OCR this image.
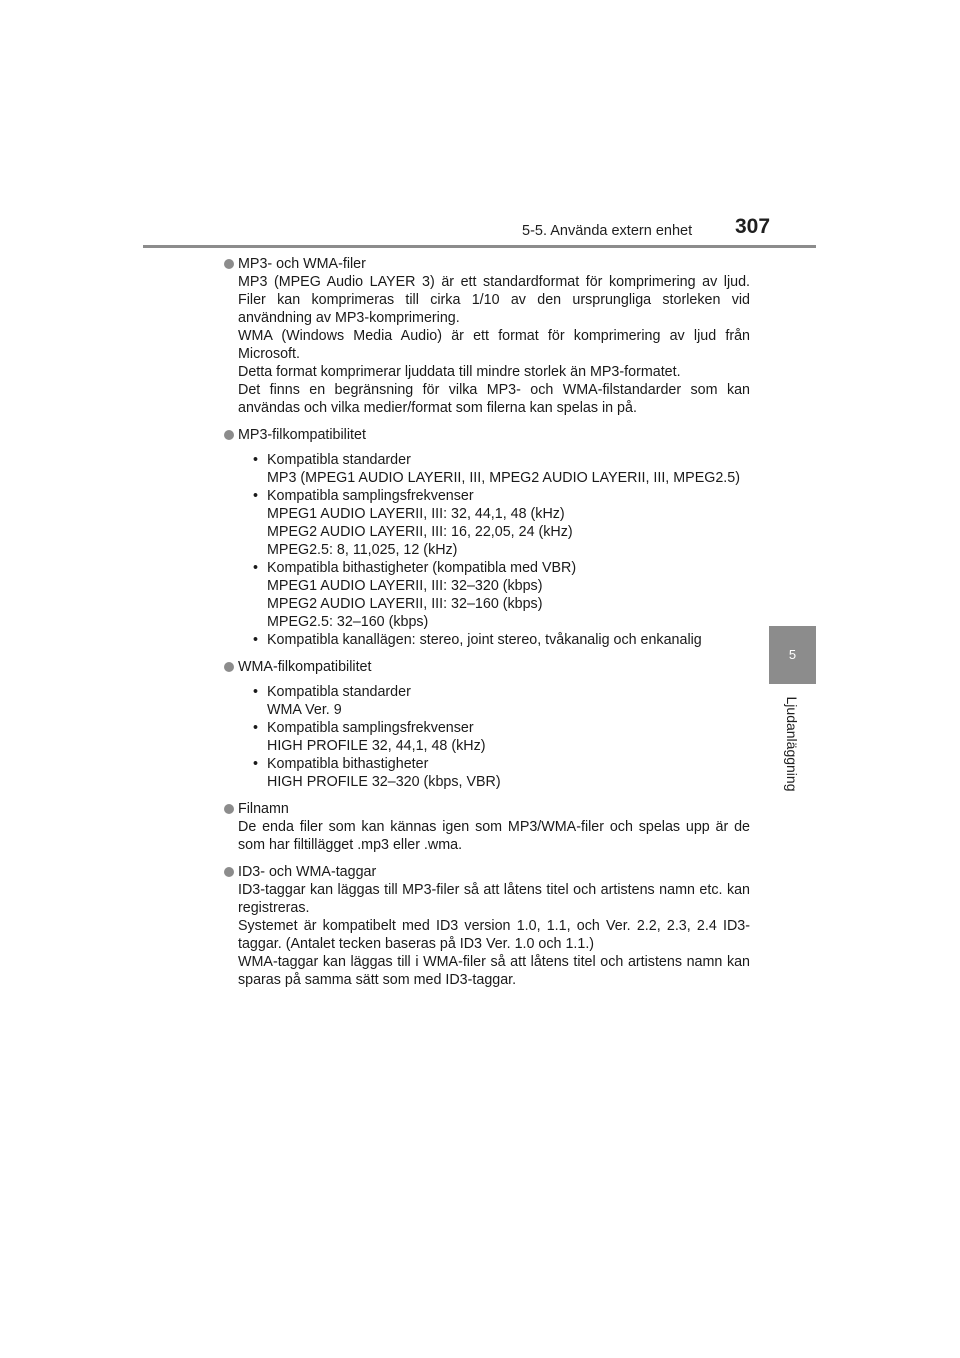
5-5. Använda extern enhet 307
5
Ljudanläggning
MP3- och WMA-filer
MP3 (MPEG Audio LAYER 3) är ett standardformat för komprimering av ljud. Filer kan komprimeras till cirka 1/10 av den ursprungliga storleken vid användning av MP3-komprimering.
WMA (Windows Media Audio) är ett format för komprimering av ljud från Microsoft.
Detta format komprimerar ljuddata till mindre storlek än MP3-formatet.
Det finns en begränsning för vilka MP3- och WMA-filstandarder som kan användas och vilka medier/format som filerna kan spelas in på.
MP3-filkompatibilitet
• Kompatibla standarder
MP3 (MPEG1 AUDIO LAYERII, III, MPEG2 AUDIO LAYERII, III, MPEG2.5)
• Kompatibla samplingsfrekvenser
MPEG1 AUDIO LAYERII, III: 32, 44,1, 48 (kHz)
MPEG2 AUDIO LAYERII, III: 16, 22,05, 24 (kHz)
MPEG2.5: 8, 11,025, 12 (kHz)
• Kompatibla bithastigheter (kompatibla med VBR)
MPEG1 AUDIO LAYERII, III: 32–320 (kbps)
MPEG2 AUDIO LAYERII, III: 32–160 (kbps)
MPEG2.5: 32–160 (kbps)
• Kompatibla kanallägen: stereo, joint stereo, tvåkanalig och enkanalig
WMA-filkompatibilitet
• Kompatibla standarder
WMA Ver. 9
• Kompatibla samplingsfrekvenser
HIGH PROFILE 32, 44,1, 48 (kHz)
• Kompatibla bithastigheter
HIGH PROFILE 32–320 (kbps, VBR)
Filnamn
De enda filer som kan kännas igen som MP3/WMA-filer och spelas upp är de som har filtillägget .mp3 eller .wma.
ID3- och WMA-taggar
ID3-taggar kan läggas till MP3-filer så att låtens titel och artistens namn etc. kan registreras.
Systemet är kompatibelt med ID3 version 1.0, 1.1, och Ver. 2.2, 2.3, 2.4 ID3-taggar. (Antalet tecken baseras på ID3 Ver. 1.0 och 1.1.)
WMA-taggar kan läggas till i WMA-filer så att låtens titel och artistens namn kan sparas på samma sätt som med ID3-taggar.
